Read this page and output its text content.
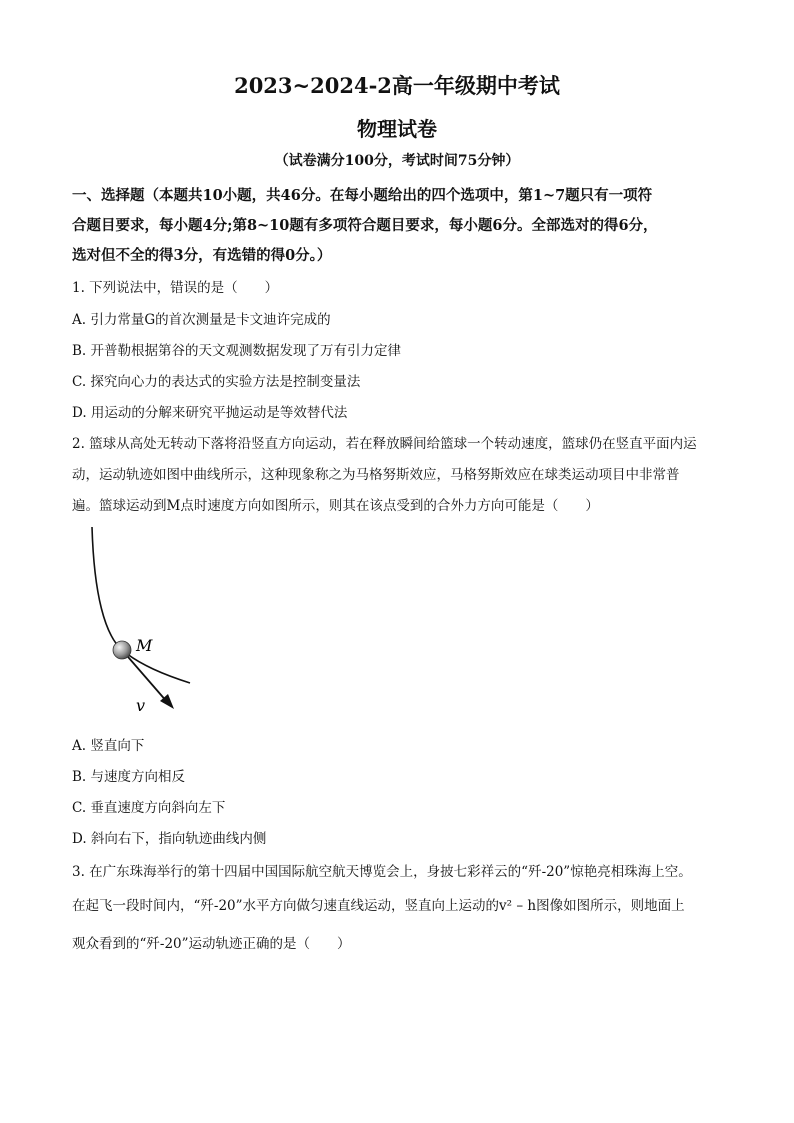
2023~2024-2高一年级期中考试
物理试卷
（试卷满分100分，考试时间75分钟）
一、选择题（本题共10小题，共46分。在每小题给出的四个选项中，第1~7题只有一项符
合题目要求，每小题4分;第8~10题有多项符合题目要求，每小题6分。全部选对的得6分，
选对但不全的得3分，有选错的得0分。）
1. 下列说法中，错误的是（　　）
A. 引力常量G的首次测量是卡文迪许完成的
B. 开普勒根据第谷的天文观测数据发现了万有引力定律
C. 探究向心力的表达式的实验方法是控制变量法
D. 用运动的分解来研究平抛运动是等效替代法
2. 篮球从高处无转动下落将沿竖直方向运动，若在释放瞬间给篮球一个转动速度，篮球仍在竖直平面内运
动，运动轨迹如图中曲线所示，这种现象称之为马格努斯效应，马格努斯效应在球类运动项目中非常普
遍。篮球运动到M点时速度方向如图所示，则其在该点受到的合外力方向可能是（　　）
M
v
A. 竖直向下
B. 与速度方向相反
C. 垂直速度方向斜向左下
D. 斜向右下，指向轨迹曲线内侧
3. 在广东珠海举行的第十四届中国国际航空航天博览会上，身披七彩祥云的“歼-20”惊艳亮相珠海上空。
在起飞一段时间内，“歼-20”水平方向做匀速直线运动，竖直向上运动的v² – h图像如图所示，则地面上
观众看到的“歼-20”运动轨迹正确的是（　　）
